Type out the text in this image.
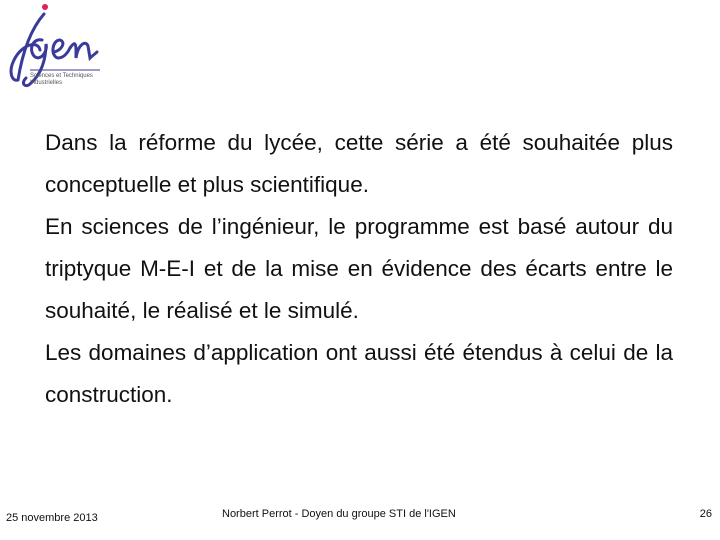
Sciences et Techniques
Industrielles

Dans la réforme du lycée, cette série a été souhaitée plus conceptuelle et plus scientifique.

En sciences de l’ingénieur, le programme est basé autour du triptyque M-E-I et de la mise en évidence des écarts entre le souhaité, le réalisé et le simulé.

Les domaines d’application ont aussi été étendus à celui de la construction.

25 novembre 2013	Norbert Perrot - Doyen du groupe STI de l'IGEN	26
